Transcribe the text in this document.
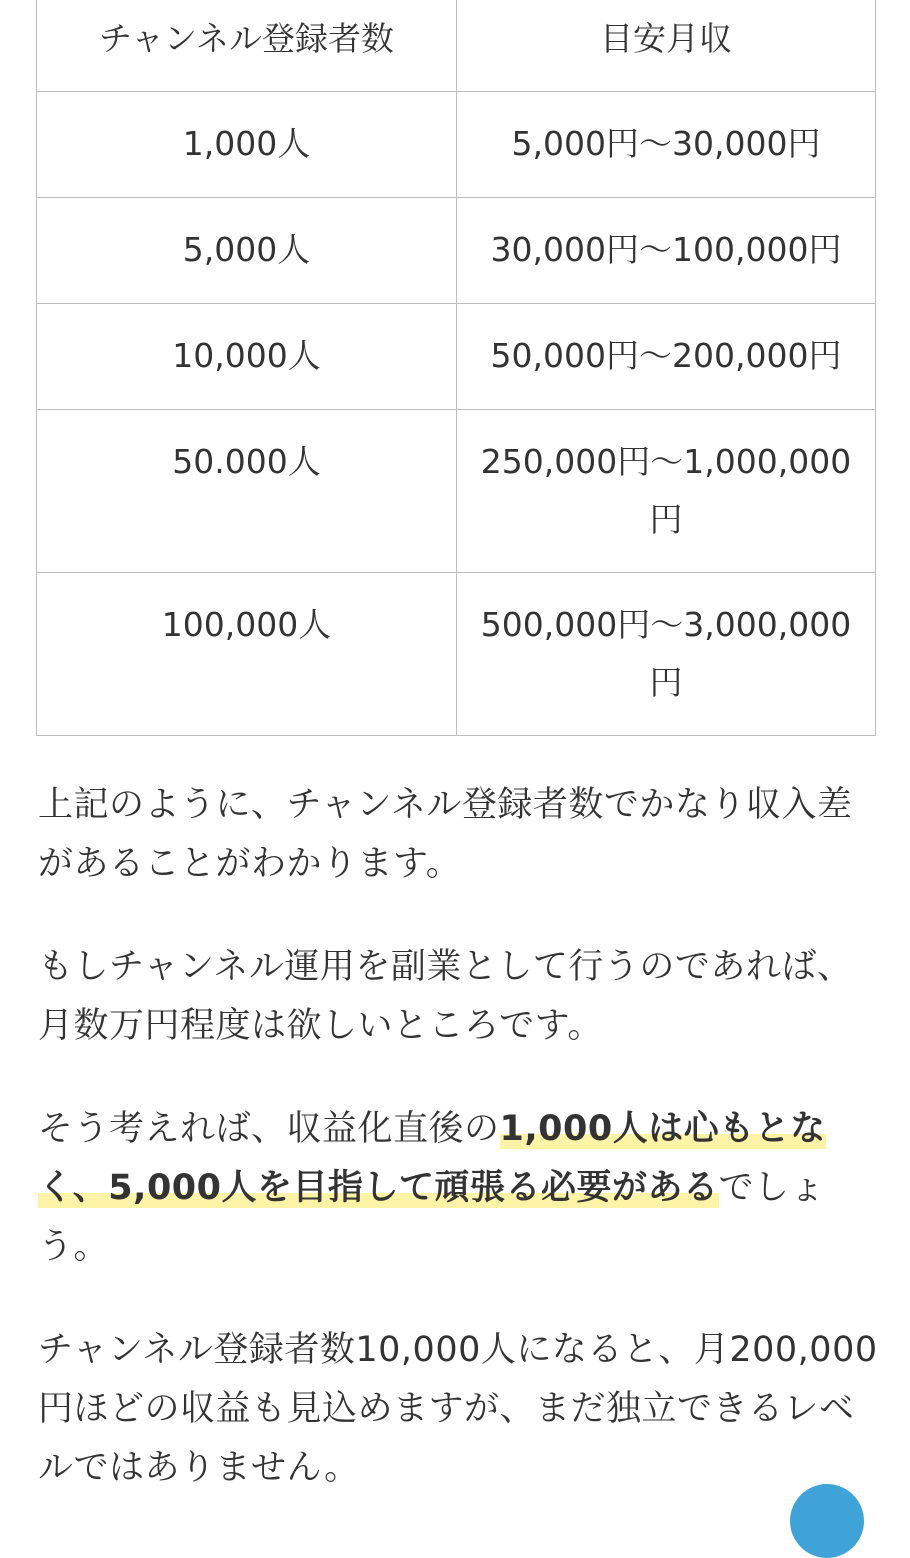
チャンネル登録者数	目安月収
1,000人	5,000円〜30,000円
5,000人	30,000円〜100,000円
10,000人	50,000円〜200,000円
50.000人	250,000円〜1,000,000円
100,000人	500,000円〜3,000,000円

上記のように、チャンネル登録者数でかなり収入差があることがわかります。

もしチャンネル運用を副業として行うのであれば、月数万円程度は欲しいところです。

そう考えれば、収益化直後の1,000人は心もとなく、5,000人を目指して頑張る必要があるでしょう。

チャンネル登録者数10,000人になると、月200,000円ほどの収益も見込めますが、まだ独立できるレベルではありません。
